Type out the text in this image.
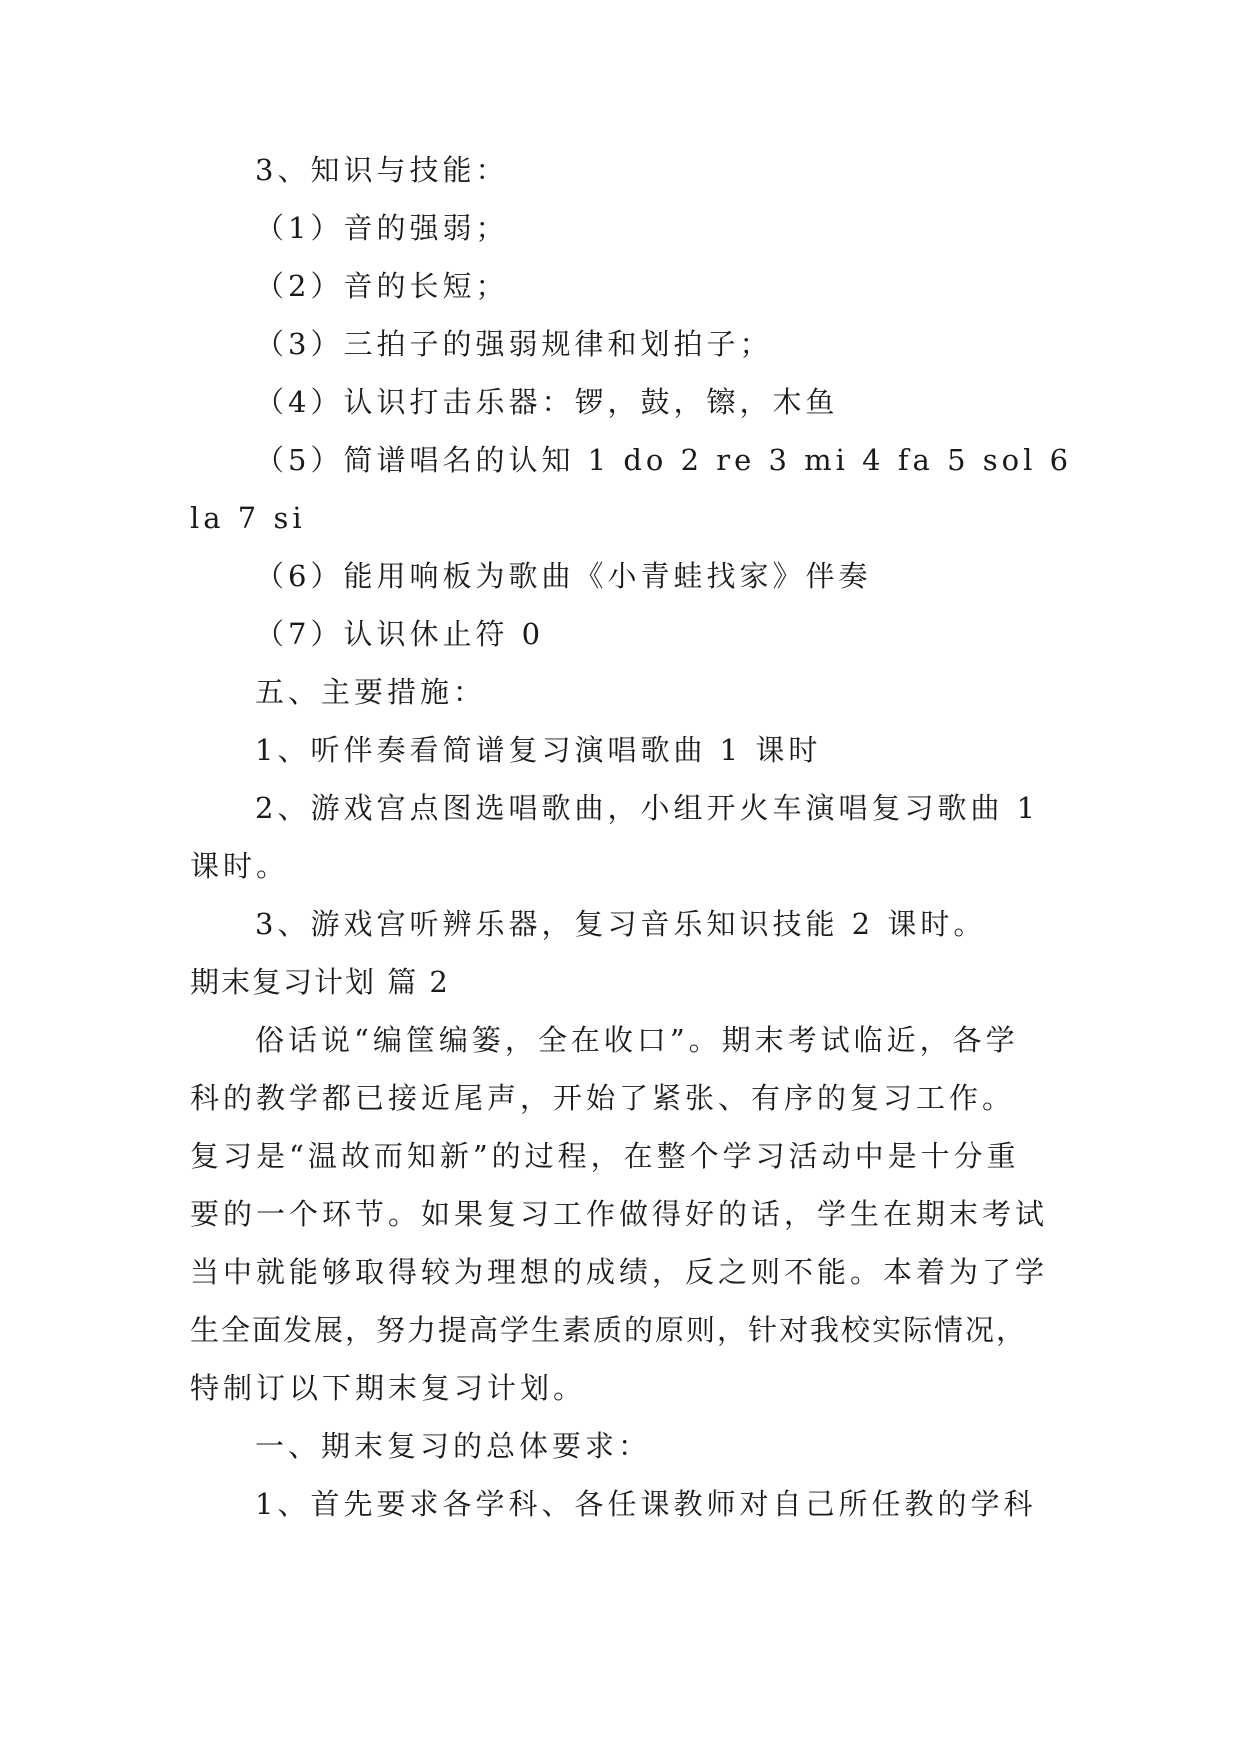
3、知识与技能：
（1）音的强弱；
（2）音的长短；
（3）三拍子的强弱规律和划拍子；
（4）认识打击乐器：锣，鼓，镲，木鱼
（5）简谱唱名的认知 1 do 2 re 3 mi 4 fa 5 sol 6
la 7 si
（6）能用响板为歌曲《小青蛙找家》伴奏
（7）认识休止符 0
五、主要措施：
1、听伴奏看简谱复习演唱歌曲 1 课时
2、游戏宫点图选唱歌曲，小组开火车演唱复习歌曲 1
课时。
3、游戏宫听辨乐器，复习音乐知识技能 2 课时。
期末复习计划 篇 2
俗话说“编筐编篓，全在收口”。期末考试临近，各学
科的教学都已接近尾声，开始了紧张、有序的复习工作。
复习是“温故而知新”的过程，在整个学习活动中是十分重
要的一个环节。如果复习工作做得好的话，学生在期末考试
当中就能够取得较为理想的成绩，反之则不能。本着为了学
生全面发展，努力提高学生素质的原则，针对我校实际情况，
特制订以下期末复习计划。
一、期末复习的总体要求：
1、首先要求各学科、各任课教师对自己所任教的学科
